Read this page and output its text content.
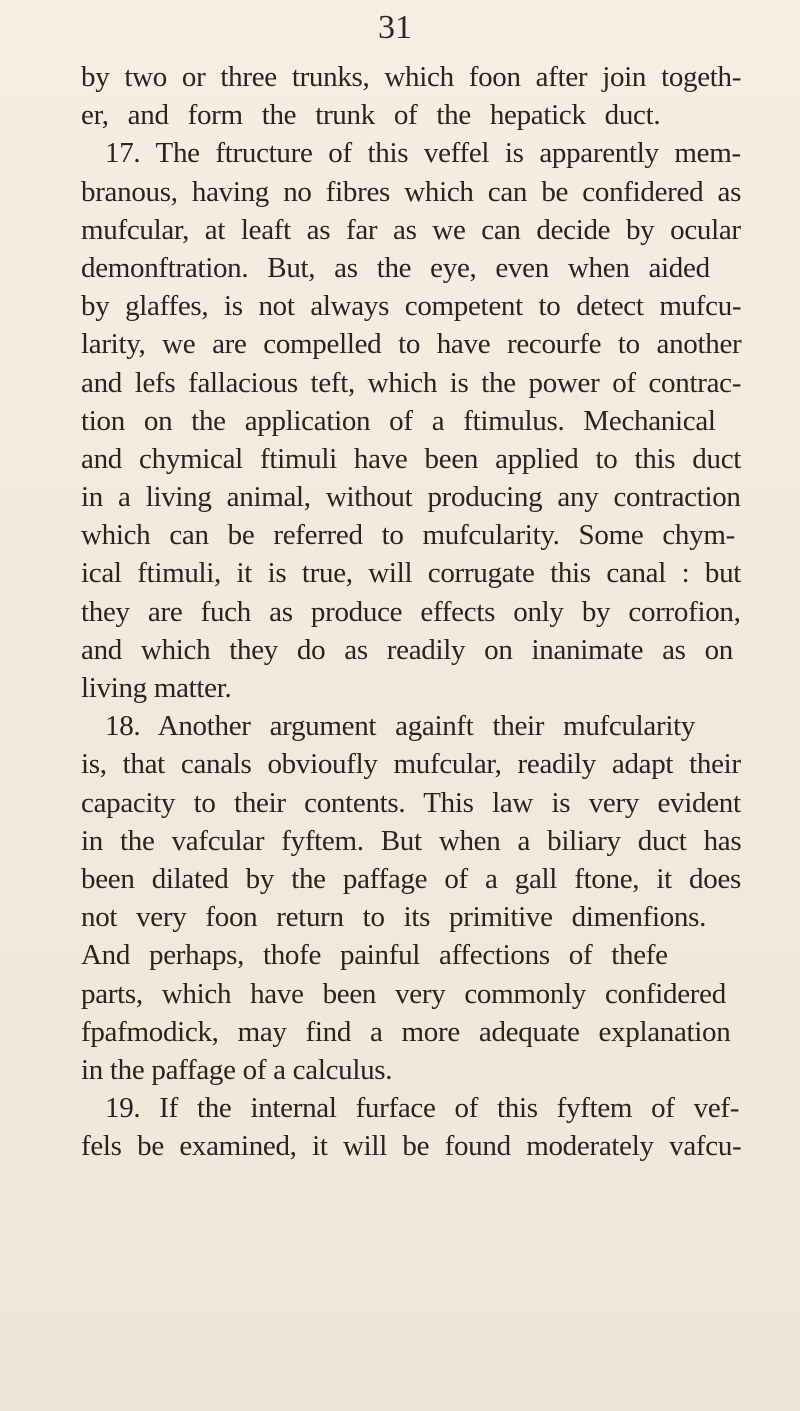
31
by two or three trunks, which foon after join togeth-
er, and form the trunk of the hepatick duct.
17. The ftructure of this veffel is apparently mem-
branous, having no fibres which can be confidered as
mufcular, at leaft as far as we can decide by ocular
demonftration. But, as the eye, even when aided
by glaffes, is not always competent to detect mufcu-
larity, we are compelled to have recourfe to another
and lefs fallacious teft, which is the power of contrac-
tion on the application of a ftimulus. Mechanical
and chymical ftimuli have been applied to this duct
in a living animal, without producing any contraction
which can be referred to mufcularity. Some chym-
ical ftimuli, it is true, will corrugate this canal : but
they are fuch as produce effects only by corrofion,
and which they do as readily on inanimate as on
living matter.
18. Another argument againft their mufcularity
is, that canals obvioufly mufcular, readily adapt their
capacity to their contents. This law is very evident
in the vafcular fyftem. But when a biliary duct has
been dilated by the paffage of a gall ftone, it does
not very foon return to its primitive dimenfions.
And perhaps, thofe painful affections of thefe
parts, which have been very commonly confidered
fpafmodick, may find a more adequate explanation
in the paffage of a calculus.
19. If the internal furface of this fyftem of vef-
fels be examined, it will be found moderately vafcu-
